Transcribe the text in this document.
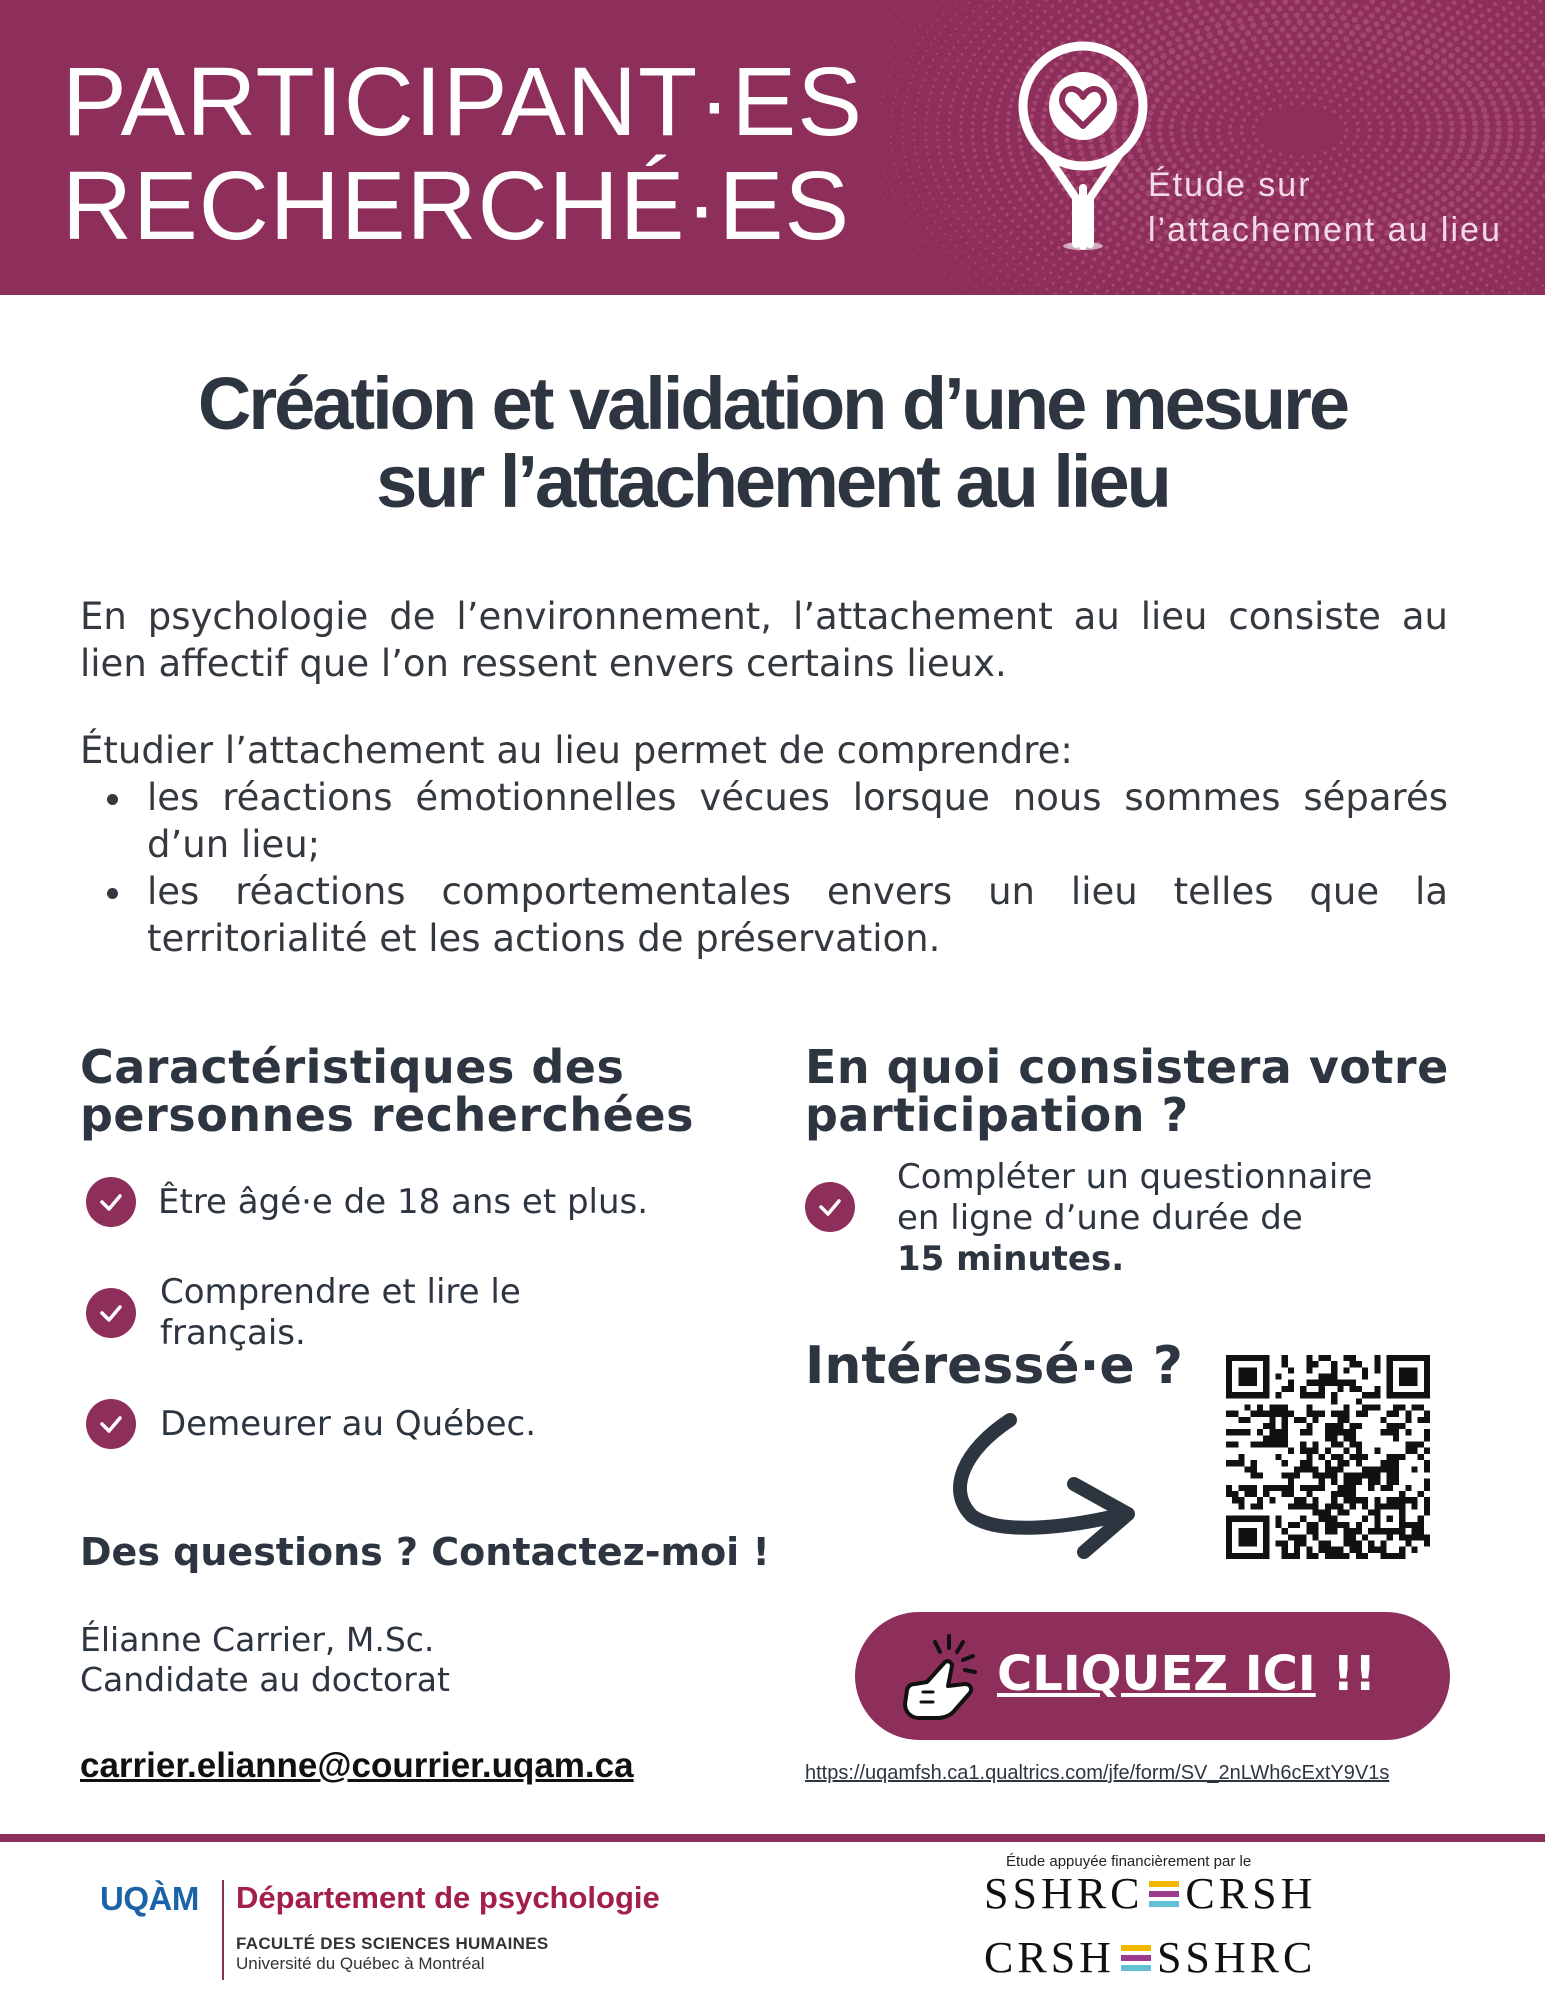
PARTICIPANT·ES
RECHERCHÉ·ES	Étude sur
l’attachement au lieu
Création et validation d’une mesure
sur l’attachement au lieu

En psychologie de l’environnement, l’attachement au lieu consiste au lien affectif que l’on ressent envers certains lieux.

Étudier l’attachement au lieu permet de comprendre:

les réactions émotionnelles vécues lorsque nous sommes séparés d’un lieu;
les réactions comportementales envers un lieu telles que la territorialité et les actions de préservation.
Caractéristiques des
personnes recherchées
Être âgé·e de 18 ans et plus.
Comprendre et lire le
français.
Demeurer au Québec.
Des questions ? Contactez-moi !
Élianne Carrier, M.Sc.
Candidate au doctorat
carrier.elianne@courrier.uqam.ca
En quoi consistera votre
participation ?
Compléter un questionnaire
en ligne d’une durée de
15 minutes.
Intéressé·e ?
CLIQUEZ ICI !!
https://uqamfsh.ca1.qualtrics.com/jfe/form/SV_2nLWh6cExtY9V1s
UQÀM Département de psychologie
FACULTÉ DES SCIENCES HUMAINES
Université du Québec à Montréal
Étude appuyée financièrement par le
SSHRC CRSH
CRSH SSHRC
